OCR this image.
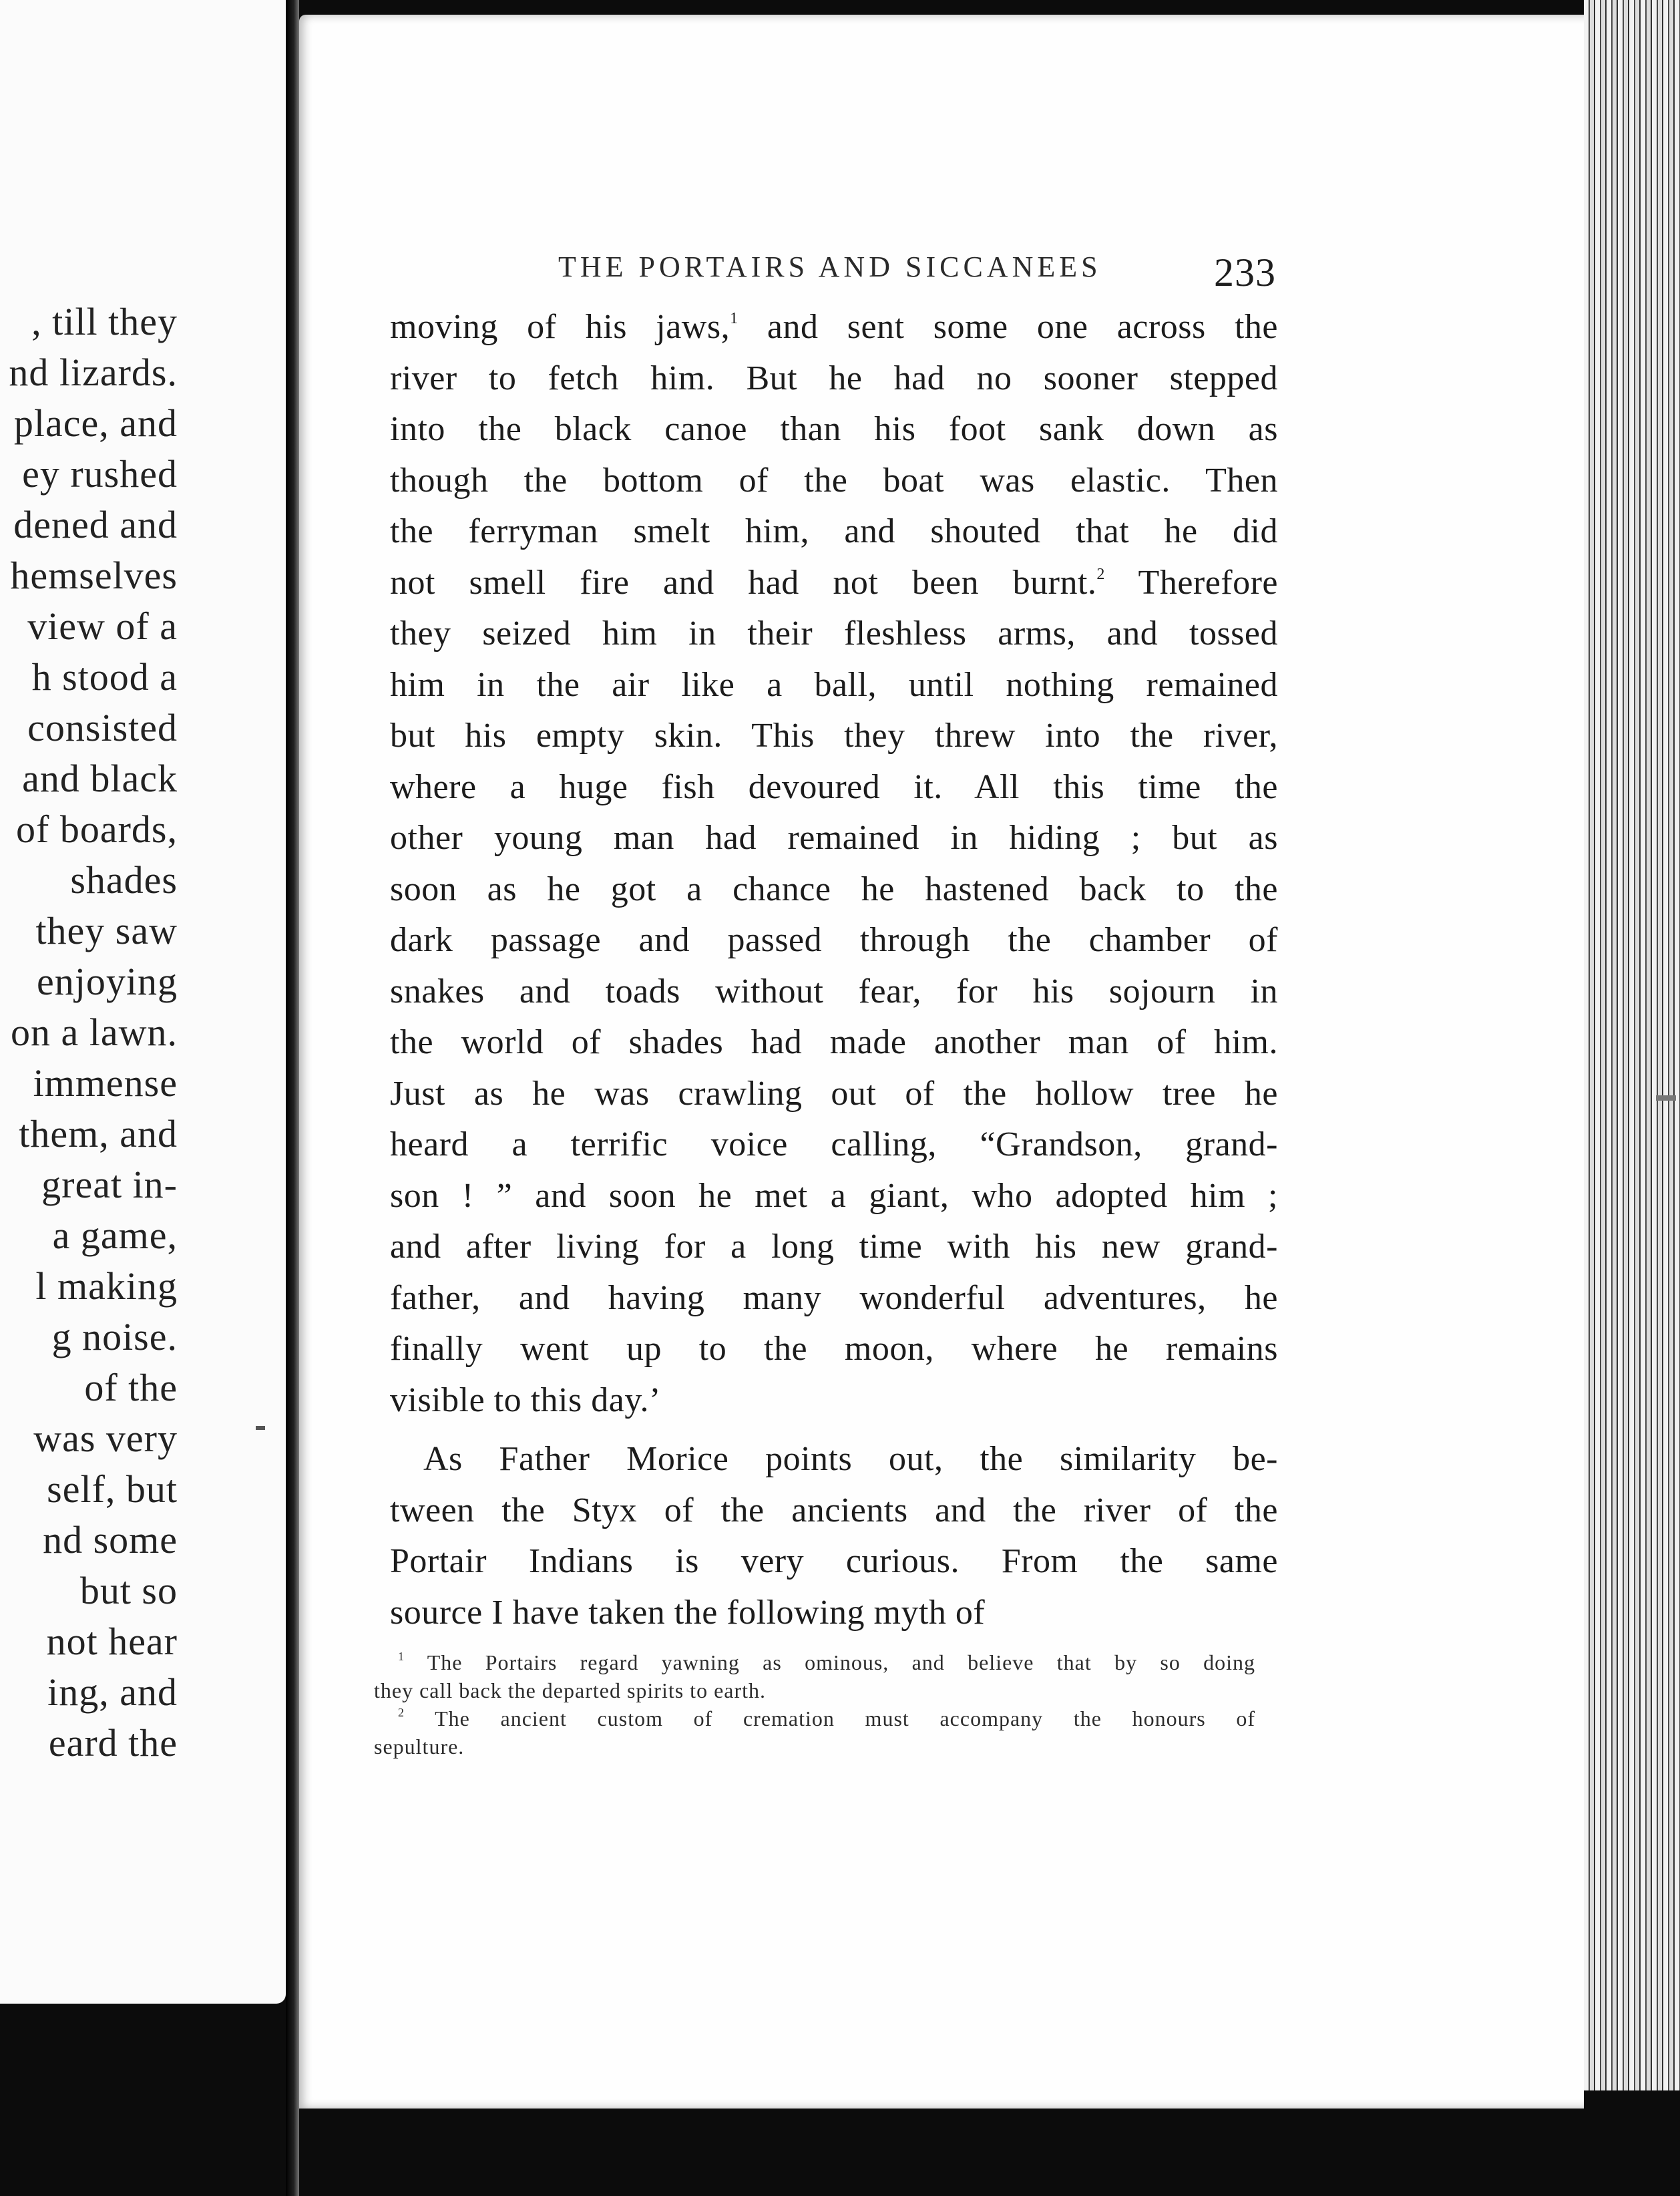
, till they
nd lizards.
place, and
ey rushed
dened and
hemselves
view of a
h stood a
consisted
and black
of boards,
shades
they saw
enjoying
on a lawn.
immense
them, and
great in-
a game,
l making
g noise.
of the
was very
self, but
nd some
but so
not hear
ing, and
eard the
THE PORTAIRS AND SICCANEES	233
moving of his jaws,$^1$ and sent some one across the
river to fetch him. But he had no sooner stepped
into the black canoe than his foot sank down as
though the bottom of the boat was elastic. Then
the ferryman smelt him, and shouted that he did
not smell fire and had not been burnt.$^2$ Therefore
they seized him in their fleshless arms, and tossed
him in the air like a ball, until nothing remained
but his empty skin. This they threw into the river,
where a huge fish devoured it. All this time the
other young man had remained in hiding ; but as
soon as he got a chance he hastened back to the
dark passage and passed through the chamber of
snakes and toads without fear, for his sojourn in
the world of shades had made another man of him.
Just as he was crawling out of the hollow tree he
heard a terrific voice calling, “Grandson, grand-
son ! ” and soon he met a giant, who adopted him ;
and after living for a long time with his new grand-
father, and having many wonderful adventures, he
finally went up to the moon, where he remains
visible to this day.’
As Father Morice points out, the similarity be-
tween the Styx of the ancients and the river of the
Portair Indians is very curious. From the same
source I have taken the following myth of
$^1$ The Portairs regard yawning as ominous, and believe that by so doing
they call back the departed spirits to earth.
$^2$ The ancient custom of cremation must accompany the honours of
sepulture.
